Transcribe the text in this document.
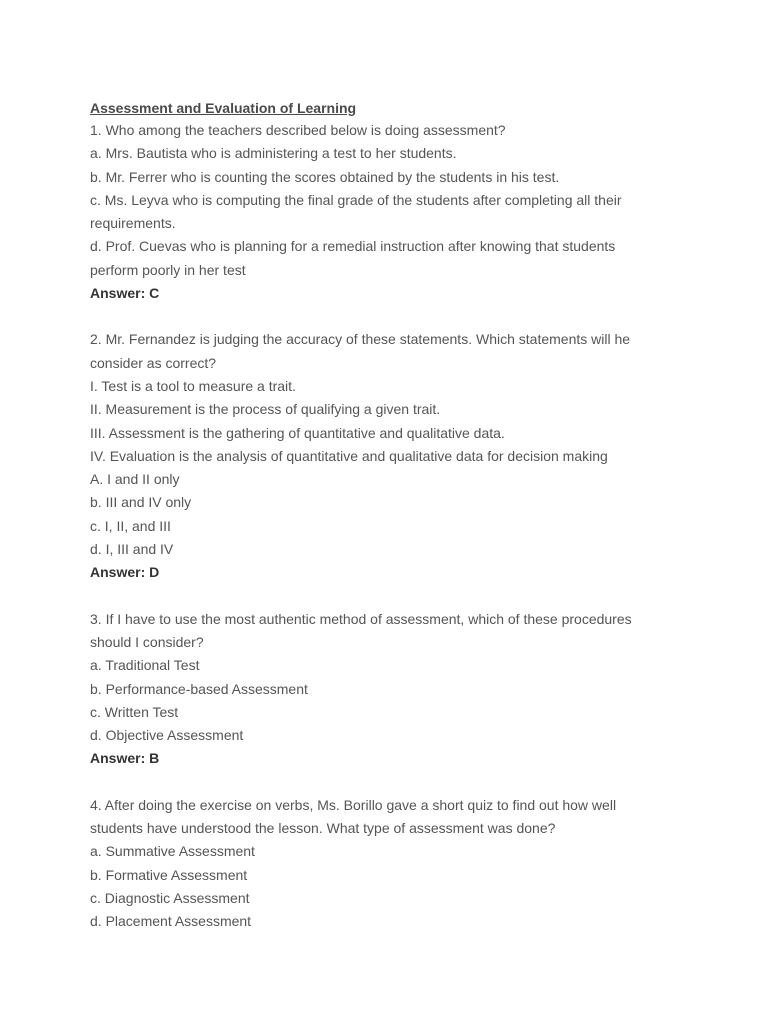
Assessment and Evaluation of Learning
1. Who among the teachers described below is doing assessment?
a. Mrs. Bautista who is administering a test to her students.
b. Mr. Ferrer who is counting the scores obtained by the students in his test.
c. Ms. Leyva who is computing the final grade of the students after completing all their
requirements.
d. Prof. Cuevas who is planning for a remedial instruction after knowing that students
perform poorly in her test
Answer: C
2. Mr. Fernandez is judging the accuracy of these statements. Which statements will he
consider as correct?
I. Test is a tool to measure a trait.
II. Measurement is the process of qualifying a given trait.
III. Assessment is the gathering of quantitative and qualitative data.
IV. Evaluation is the analysis of quantitative and qualitative data for decision making
A. I and II only
b. III and IV only
c. I, II, and III
d. I, III and IV
Answer: D
3. If I have to use the most authentic method of assessment, which of these procedures
should I consider?
a. Traditional Test
b. Performance-based Assessment
c. Written Test
d. Objective Assessment
Answer: B
4. After doing the exercise on verbs, Ms. Borillo gave a short quiz to find out how well
students have understood the lesson. What type of assessment was done?
a. Summative Assessment
b. Formative Assessment
c. Diagnostic Assessment
d. Placement Assessment
